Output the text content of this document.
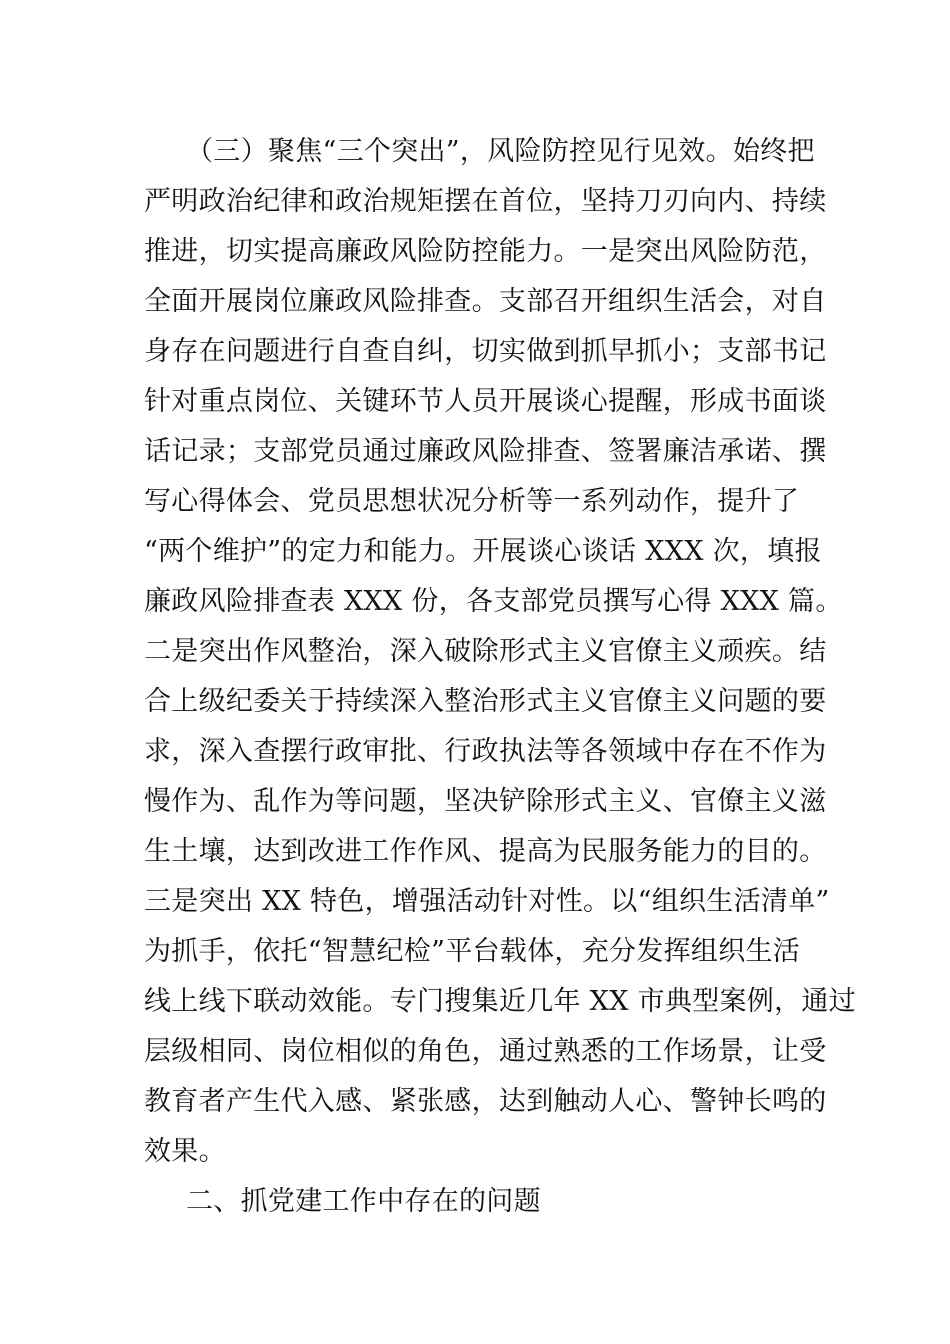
（三）聚焦“三个突出”，风险防控见行见效。始终把
严明政治纪律和政治规矩摆在首位，坚持刀刃向内、持续
推进，切实提高廉政风险防控能力。一是突出风险防范，
全面开展岗位廉政风险排查。支部召开组织生活会，对自
身存在问题进行自查自纠，切实做到抓早抓小；支部书记
针对重点岗位、关键环节人员开展谈心提醒，形成书面谈
话记录；支部党员通过廉政风险排查、签署廉洁承诺、撰
写心得体会、党员思想状况分析等一系列动作，提升了
“两个维护”的定力和能力。开展谈心谈话 XXX 次，填报
廉政风险排查表 XXX 份，各支部党员撰写心得 XXX 篇。
二是突出作风整治，深入破除形式主义官僚主义顽疾。结
合上级纪委关于持续深入整治形式主义官僚主义问题的要
求，深入查摆行政审批、行政执法等各领域中存在不作为
慢作为、乱作为等问题，坚决铲除形式主义、官僚主义滋
生土壤，达到改进工作作风、提高为民服务能力的目的。
三是突出 XX 特色，增强活动针对性。以“组织生活清单”
为抓手，依托“智慧纪检”平台载体，充分发挥组织生活
线上线下联动效能。专门搜集近几年 XX 市典型案例，通过
层级相同、岗位相似的角色，通过熟悉的工作场景，让受
教育者产生代入感、紧张感，达到触动人心、警钟长鸣的
效果。
二、抓党建工作中存在的问题
